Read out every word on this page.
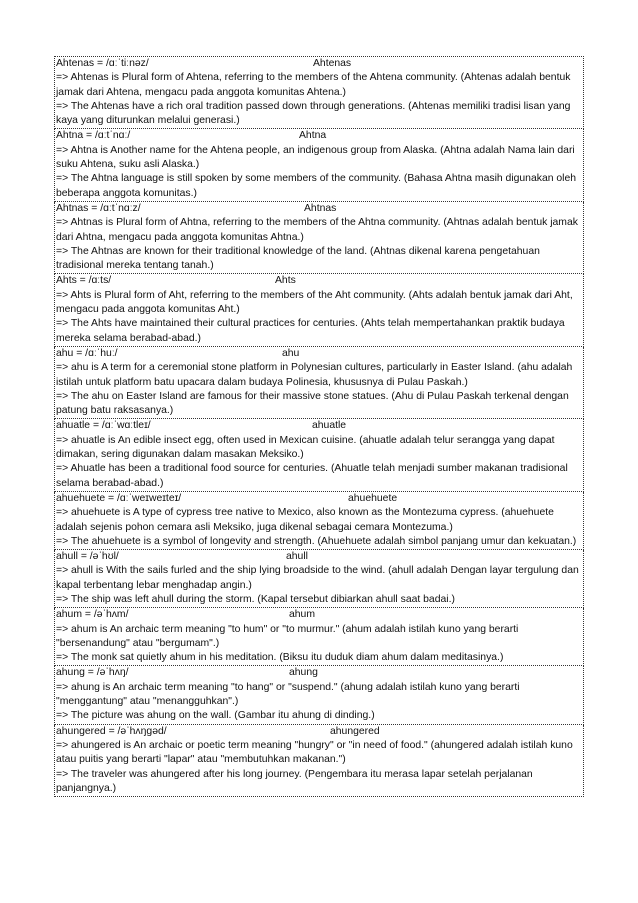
Ahtenas = /ɑːˈtiːnəz/	Ahtenas
=> Ahtenas is Plural form of Ahtena, referring to the members of the Ahtena community. (Ahtenas adalah bentuk jamak dari Ahtena, mengacu pada anggota komunitas Ahtena.)
=> The Ahtenas have a rich oral tradition passed down through generations. (Ahtenas memiliki tradisi lisan yang kaya yang diturunkan melalui generasi.)
Ahtna = /ɑːtˈnɑː/	Ahtna
=> Ahtna is Another name for the Ahtena people, an indigenous group from Alaska. (Ahtna adalah Nama lain dari suku Ahtena, suku asli Alaska.)
=> The Ahtna language is still spoken by some members of the community. (Bahasa Ahtna masih digunakan oleh beberapa anggota komunitas.)
Ahtnas = /ɑːtˈnɑːz/	Ahtnas
=> Ahtnas is Plural form of Ahtna, referring to the members of the Ahtna community. (Ahtnas adalah bentuk jamak dari Ahtna, mengacu pada anggota komunitas Ahtna.)
=> The Ahtnas are known for their traditional knowledge of the land. (Ahtnas dikenal karena pengetahuan tradisional mereka tentang tanah.)
Ahts = /ɑːts/	Ahts
=> Ahts is Plural form of Aht, referring to the members of the Aht community. (Ahts adalah bentuk jamak dari Aht, mengacu pada anggota komunitas Aht.)
=> The Ahts have maintained their cultural practices for centuries. (Ahts telah mempertahankan praktik budaya mereka selama berabad-abad.)
ahu = /ɑːˈhuː/	ahu
=> ahu is A term for a ceremonial stone platform in Polynesian cultures, particularly in Easter Island. (ahu adalah istilah untuk platform batu upacara dalam budaya Polinesia, khususnya di Pulau Paskah.)
=> The ahu on Easter Island are famous for their massive stone statues. (Ahu di Pulau Paskah terkenal dengan patung batu raksasanya.)
ahuatle = /ɑːˈwɑːtleɪ/	ahuatle
=> ahuatle is An edible insect egg, often used in Mexican cuisine. (ahuatle adalah telur serangga yang dapat dimakan, sering digunakan dalam masakan Meksiko.)
=> Ahuatle has been a traditional food source for centuries. (Ahuatle telah menjadi sumber makanan tradisional selama berabad-abad.)
ahuehuete = /ɑːˈweɪweɪteɪ/	ahuehuete
=> ahuehuete is A type of cypress tree native to Mexico, also known as the Montezuma cypress. (ahuehuete adalah sejenis pohon cemara asli Meksiko, juga dikenal sebagai cemara Montezuma.)
=> The ahuehuete is a symbol of longevity and strength. (Ahuehuete adalah simbol panjang umur dan kekuatan.)
ahull = /əˈhʊl/	ahull
=> ahull is With the sails furled and the ship lying broadside to the wind. (ahull adalah Dengan layar tergulung dan kapal terbentang lebar menghadap angin.)
=> The ship was left ahull during the storm. (Kapal tersebut dibiarkan ahull saat badai.)
ahum = /əˈhʌm/	ahum
=> ahum is An archaic term meaning "to hum" or "to murmur." (ahum adalah istilah kuno yang berarti "bersenandung" atau "bergumam".)
=> The monk sat quietly ahum in his meditation. (Biksu itu duduk diam ahum dalam meditasinya.)
ahung = /əˈhʌŋ/	ahung
=> ahung is An archaic term meaning "to hang" or "suspend." (ahung adalah istilah kuno yang berarti "menggantung" atau "menangguhkan".)
=> The picture was ahung on the wall. (Gambar itu ahung di dinding.)
ahungered = /əˈhʌŋɡəd/	ahungered
=> ahungered is An archaic or poetic term meaning "hungry" or "in need of food." (ahungered adalah istilah kuno atau puitis yang berarti "lapar" atau "membutuhkan makanan.")
=> The traveler was ahungered after his long journey. (Pengembara itu merasa lapar setelah perjalanan panjangnya.)
